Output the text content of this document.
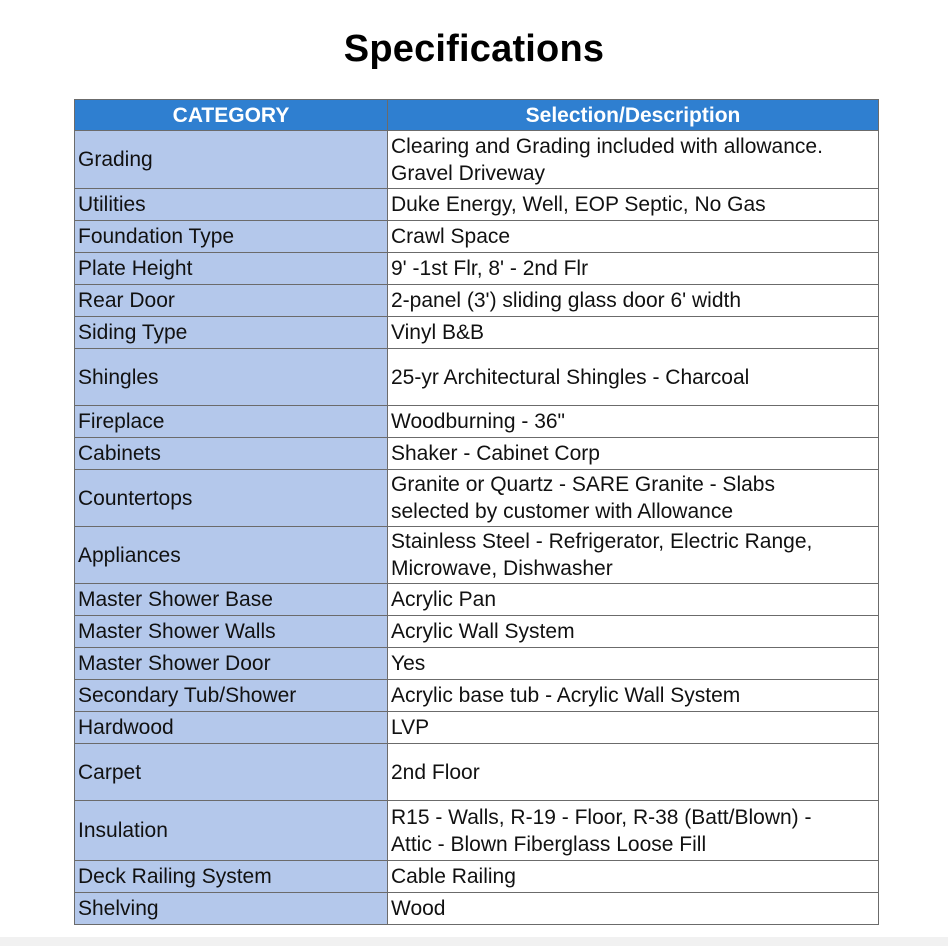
Specifications
CATEGORY	Selection/Description
Grading	Clearing and Grading included with allowance.
Gravel Driveway

Utilities	Duke Energy, Well, EOP Septic, No Gas

Foundation Type	Crawl Space

Plate Height	9' -1st Flr, 8' - 2nd Flr

Rear Door	2-panel (3') sliding glass door 6' width

Siding Type	Vinyl B&B

Shingles	25-yr Architectural Shingles - Charcoal

Fireplace	Woodburning - 36"

Cabinets	Shaker - Cabinet Corp

Countertops	Granite or Quartz - SARE Granite - Slabs
selected by customer with Allowance

Appliances	Stainless Steel - Refrigerator, Electric Range,
Microwave, Dishwasher

Master Shower Base	Acrylic Pan

Master Shower Walls	Acrylic Wall System

Master Shower Door	Yes

Secondary Tub/Shower	Acrylic base tub - Acrylic Wall System

Hardwood	LVP

Carpet	2nd Floor

Insulation	R15 - Walls, R-19 - Floor, R-38 (Batt/Blown) -
Attic - Blown Fiberglass Loose Fill

Deck Railing System	Cable Railing

Shelving	Wood
